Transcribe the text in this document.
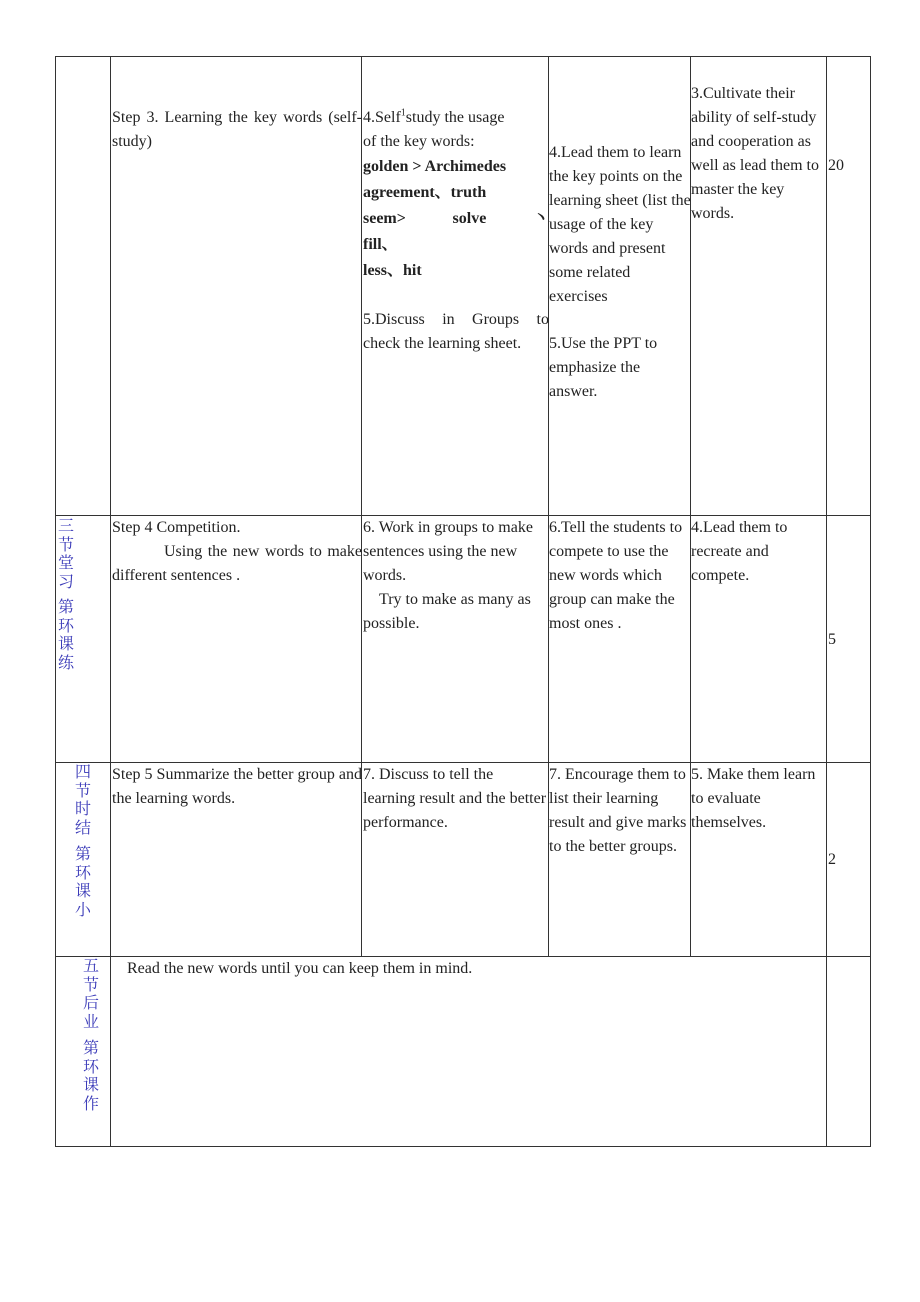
Step 3. Learning the key words (self-study)

4.Self$^1$study the usage

of the key words:

golden > Archimedes

agreement、truth

seem> solve 丶 fill、

less、hit

5.Discuss in Groups to check the learning sheet.

4.Lead them to learn the key points on the learning sheet (list the usage of the key words and present some related exercises

5.Use the PPT to emphasize the answer.

3.Cultivate their ability of self-study and cooperation as well as lead them to master the key words.

20
三节堂习
第环课练

Step 4 Competition.

Using the new words to make different sentences .

6. Work in groups to make sentences using the new words.

Try to make as many as possible.

6.Tell the students to compete to use the new words which group can make the most ones .

4.Lead them to recreate and compete.

5
四节时结
第环课小

Step 5 Summarize the better group and the learning words.

7. Discuss to tell the learning result and the better performance.

7. Encourage them to list their learning result and give marks to the better groups.

5. Make them learn to evaluate themselves.

2
五节后业
第环课作

Read the new words until you can keep them in mind.
